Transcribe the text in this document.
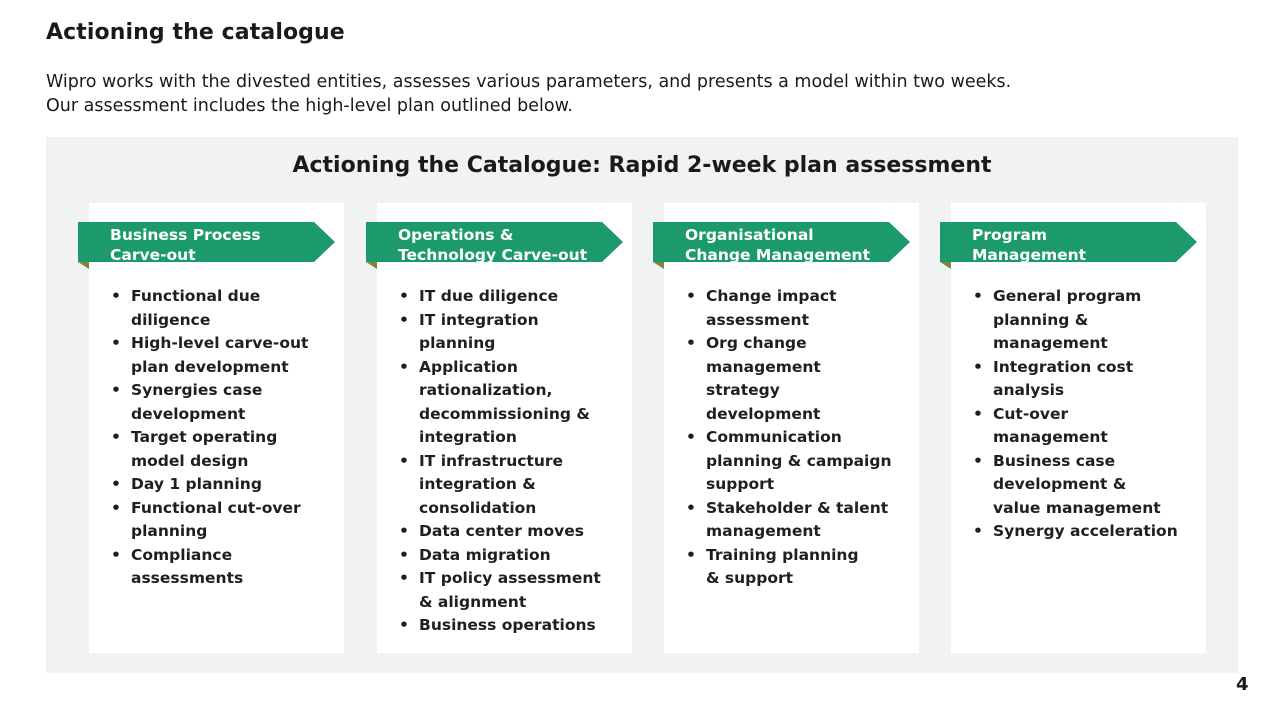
Actioning the catalogue

Wipro works with the divested entities, assesses various parameters, and presents a model within two weeks.
Our assessment includes the high-level plan outlined below.

Actioning the Catalogue: Rapid 2-week plan assessment
Business Process
Carve-out
• Functional due
diligence
• High-level carve-out
plan development
• Synergies case
development
• Target operating
model design
• Day 1 planning
• Functional cut-over
planning
• Compliance
assessments
Operations &
Technology Carve-out
• IT due diligence
• IT integration
planning
• Application
rationalization,
decommissioning &
integration
• IT infrastructure
integration &
consolidation
• Data center moves
• Data migration
• IT policy assessment
& alignment
• Business operations
Organisational
Change Management
• Change impact
assessment
• Org change
management
strategy
development
• Communication
planning & campaign
support
• Stakeholder & talent
management
• Training planning
& support
Program
Management
• General program
planning &
management
• Integration cost
analysis
• Cut-over
management
• Business case
development &
value management
• Synergy acceleration
4
